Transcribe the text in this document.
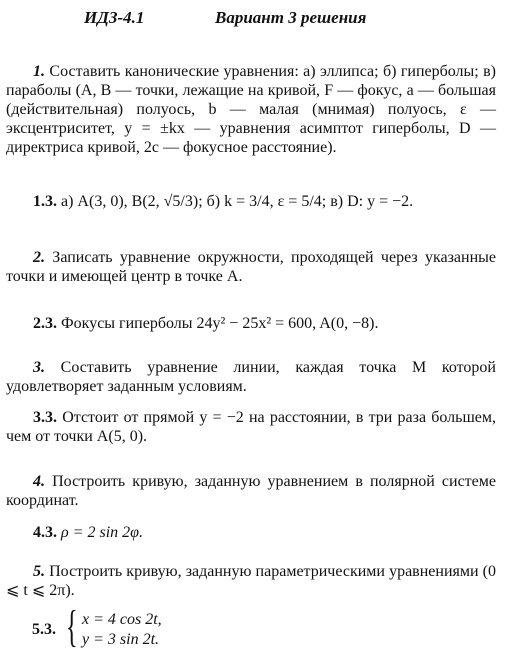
ИДЗ-4.1	Вариант 3 решения
1. Составить канонические уравнения: а) эллипса; б) гиперболы; в) параболы (A, B — точки, лежащие на кривой, F — фокус, a — большая (действительная) полуось, b — малая (мнимая) полуось, ε — эксцентриситет, y = ±kx — уравнения асимптот гиперболы, D — директриса кривой, 2c — фокусное расстояние).
1.3. а) A(3, 0), B(2, √5/3); б) k = 3/4, ε = 5/4; в) D: y = −2.
2. Записать уравнение окружности, проходящей через указанные точки и имеющей центр в точке A.
2.3. Фокусы гиперболы 24y² − 25x² = 600, A(0, −8).
3. Составить уравнение линии, каждая точка M которой удовлетворяет заданным условиям.
3.3. Отстоит от прямой y = −2 на расстоянии, в три раза большем, чем от точки A(5, 0).
4. Построить кривую, заданную уравнением в полярной системе координат.
4.3. ρ = 2 sin 2φ.
5. Построить кривую, заданную параметрическими уравнениями (0 ⩽ t ⩽ 2π).
5.3. { x = 4 cos 2t,
y = 3 sin 2t.
